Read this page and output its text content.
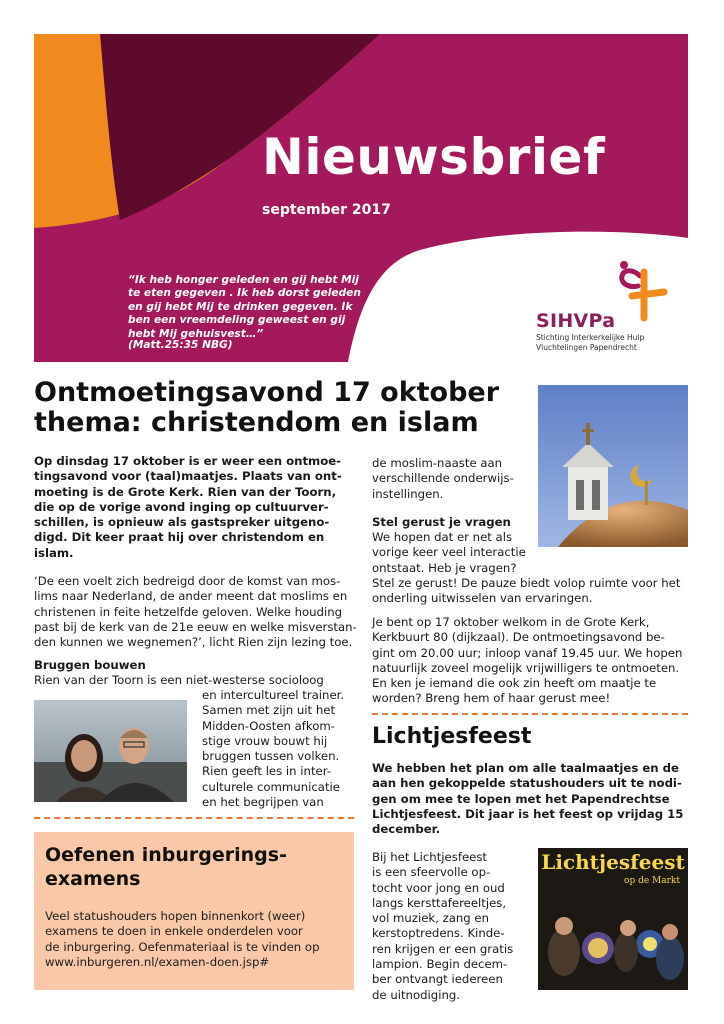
Nieuwsbrief
september 2017
“Ik heb honger geleden en gij hebt Mij
te eten gegeven . Ik heb dorst geleden
en gij hebt Mij te drinken gegeven. Ik
ben een vreemdeling geweest en gij
hebt Mij gehuisvest…”
(Matt.25:35 NBG)
SIHVPa
Stichting Interkerkelijke Hulp
Vluchtelingen Papendrecht
Ontmoetingsavond 17 oktober
thema: christendom en islam
Op dinsdag 17 oktober is er weer een ontmoe-
tingsavond voor (taal)maatjes. Plaats van ont-
moeting is de Grote Kerk. Rien van der Toorn,
die op de vorige avond inging op cultuurver-
schillen, is opnieuw als gastspreker uitgeno-
digd. Dit keer praat hij over christendom en
islam.
‘De een voelt zich bedreigd door de komst van mos-
lims naar Nederland, de ander meent dat moslims en
christenen in feite hetzelfde geloven. Welke houding
past bij de kerk van de 21e eeuw en welke misverstan-
den kunnen we wegnemen?’, licht Rien zijn lezing toe.
Bruggen bouwen
Rien van der Toorn is een niet-westerse socioloog
en intercultureel trainer.
Samen met zijn uit het
Midden-Oosten afkom-
stige vrouw bouwt hij
bruggen tussen volken.
Rien geeft les in inter-
culturele communicatie
en het begrijpen van
de moslim-naaste aan
verschillende onderwijs-
instellingen.
Stel gerust je vragen
We hopen dat er net als
vorige keer veel interactie
ontstaat. Heb je vragen?
Stel ze gerust! De pauze biedt volop ruimte voor het
onderling uitwisselen van ervaringen.
Je bent op 17 oktober welkom in de Grote Kerk,
Kerkbuurt 80 (dijkzaal). De ontmoetingsavond be-
gint om 20.00 uur; inloop vanaf 19.45 uur. We hopen
natuurlijk zoveel mogelijk vrijwilligers te ontmoeten.
En ken je iemand die ook zin heeft om maatje te
worden? Breng hem of haar gerust mee!
Lichtjesfeest
We hebben het plan om alle taalmaatjes en de
aan hen gekoppelde statushouders uit te nodi-
gen om mee te lopen met het Papendrechtse
Lichtjesfeest. Dit jaar is het feest op vrijdag 15
december.
Bij het Lichtjesfeest
is een sfeervolle op-
tocht voor jong en oud
langs kersttafereeltjes,
vol muziek, zang en
kerstoptredens. Kinde-
ren krijgen er een gratis
lampion. Begin decem-
ber ontvangt iedereen
de uitnodiging.
Lichtjesfeest
op de Markt
Oefenen inburgerings-
examens
Veel statushouders hopen binnenkort (weer)
examens te doen in enkele onderdelen voor
de inburgering. Oefenmateriaal is te vinden op
www.inburgeren.nl/examen-doen.jsp#
